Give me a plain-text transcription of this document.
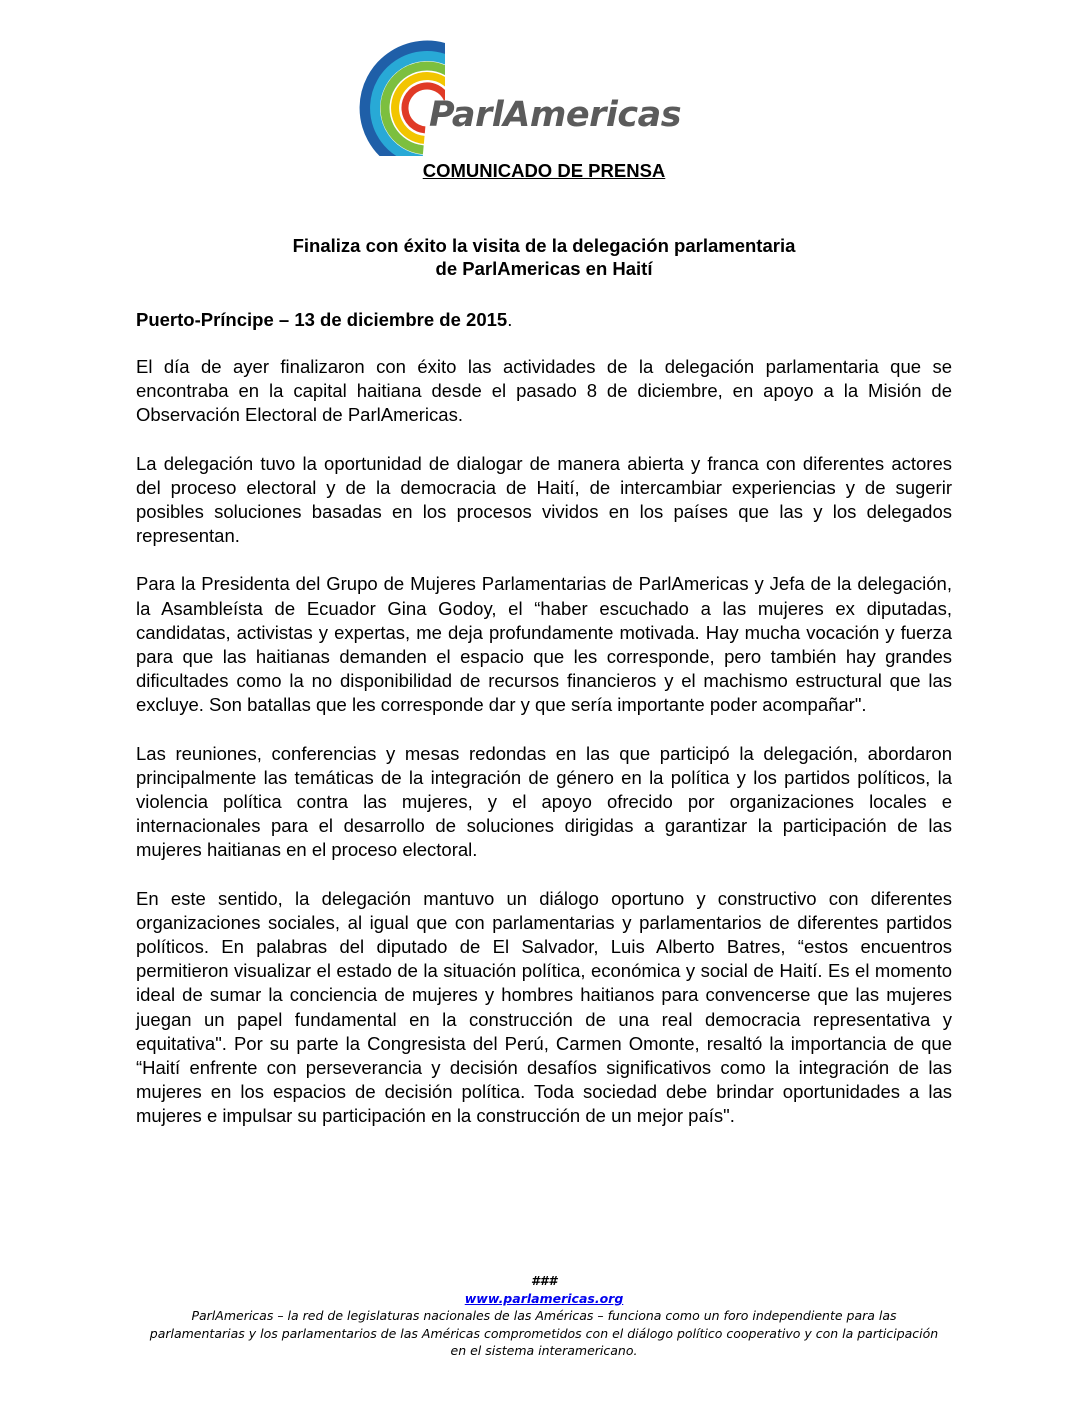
ParlAmericas
COMUNICADO DE PRENSA
Finaliza con éxito la visita de la delegación parlamentaria
de ParlAmericas en Haití
Puerto-Príncipe – 13 de diciembre de 2015.

El día de ayer finalizaron con éxito las actividades de la delegación parlamentaria que se encontraba en la capital haitiana desde el pasado 8 de diciembre, en apoyo a la Misión de Observación Electoral de ParlAmericas.

La delegación tuvo la oportunidad de dialogar de manera abierta y franca con diferentes actores del proceso electoral y de la democracia de Haití, de intercambiar experiencias y de sugerir posibles soluciones basadas en los procesos vividos en los países que las y los delegados representan.

Para la Presidenta del Grupo de Mujeres Parlamentarias de ParlAmericas y Jefa de la delegación, la Asambleísta de Ecuador Gina Godoy, el “haber escuchado a las mujeres ex diputadas, candidatas, activistas y expertas, me deja profundamente motivada. Hay mucha vocación y fuerza para que las haitianas demanden el espacio que les corresponde, pero también hay grandes dificultades como la no disponibilidad de recursos financieros y el machismo estructural que las excluye. Son batallas que les corresponde dar y que sería importante poder acompañar".

Las reuniones, conferencias y mesas redondas en las que participó la delegación, abordaron principalmente las temáticas de la integración de género en la política y los partidos políticos, la violencia política contra las mujeres, y el apoyo ofrecido por organizaciones locales e internacionales para el desarrollo de soluciones dirigidas a garantizar la participación de las mujeres haitianas en el proceso electoral.

En este sentido, la delegación mantuvo un diálogo oportuno y constructivo con diferentes organizaciones sociales, al igual que con parlamentarias y parlamentarios de diferentes partidos políticos. En palabras del diputado de El Salvador, Luis Alberto Batres, “estos encuentros permitieron visualizar el estado de la situación política, económica y social de Haití. Es el momento ideal de sumar la conciencia de mujeres y hombres haitianos para convencerse que las mujeres juegan un papel fundamental en la construcción de una real democracia representativa y equitativa". Por su parte la Congresista del Perú, Carmen Omonte, resaltó la importancia de que “Haití enfrente con perseverancia y decisión desafíos significativos como la integración de las mujeres en los espacios de decisión política. Toda sociedad debe brindar oportunidades a las mujeres e impulsar su participación en la construcción de un mejor país".

###
www.parlamericas.org
ParlAmericas – la red de legislaturas nacionales de las Américas – funciona como un foro independiente para las
parlamentarias y los parlamentarios de las Américas comprometidos con el diálogo político cooperativo y con la participación
en el sistema interamericano.
